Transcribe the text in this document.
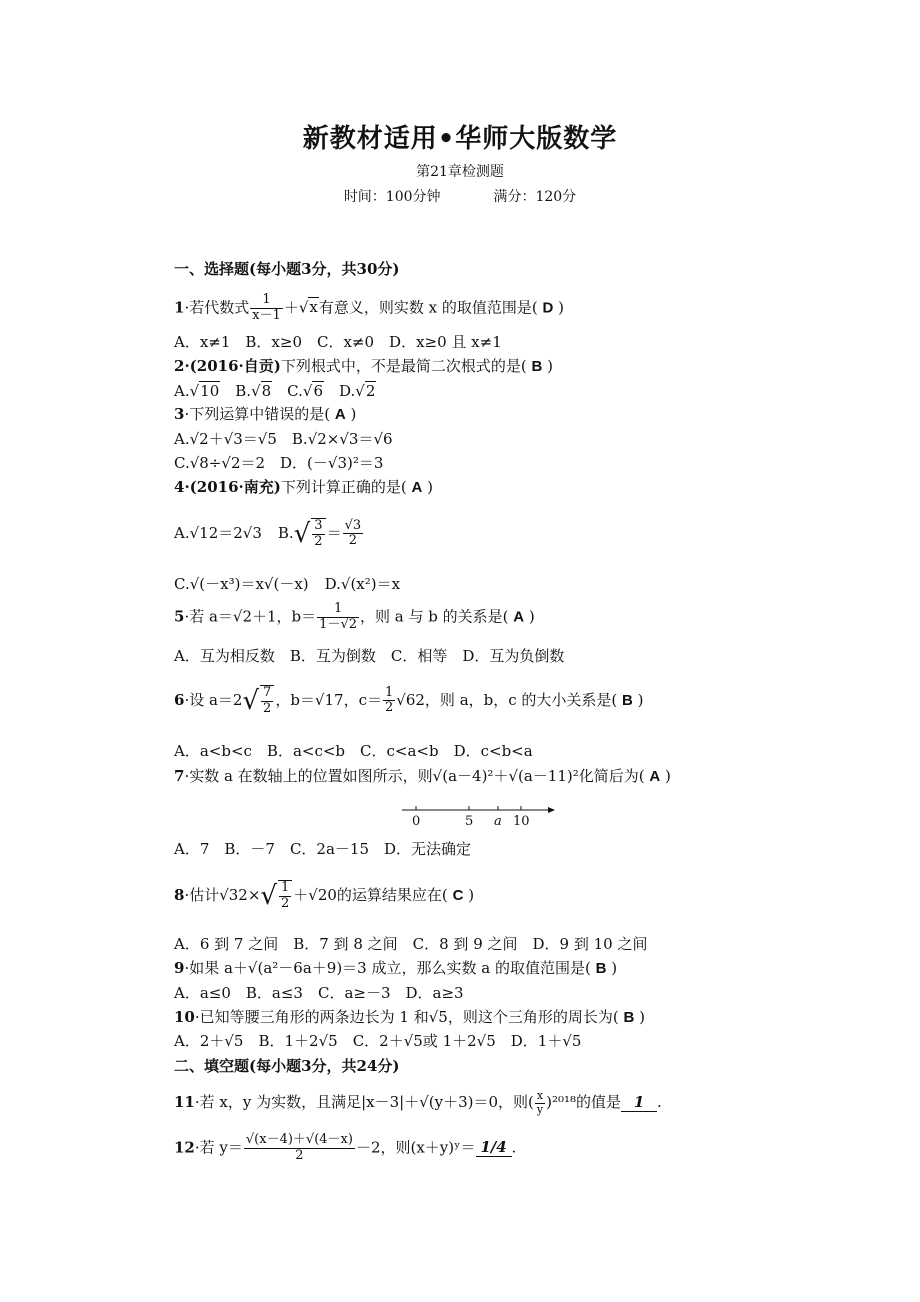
新教材适用•华师大版数学
第21章检测题
时间：100分钟	满分：120分
一、选择题(每小题3分，共30分)
1·若代数式 $\frac{1}{x-1} +√x$有意义，则实数 x 的取值范围是( D )
A．x≠1　B．x≥0　C．x≠0　D．x≥0 且 x≠1
2·(2016·自贡)下列根式中，不是最简二次根式的是( B )
A.√10　B.√8　C.√6　D.√2
3·下列运算中错误的是( A )
A.√2＋√3＝√5　B.√2×√3＝√6
C.√8÷√2＝2　D．(－√3)²＝3
4·(2016·南充)下列计算正确的是( A )
A.√12＝2√3 $B.√ \frac{3}{2} = \frac{√3}{2}$
C.√(－x³)＝x√(－x) D.√(x²)＝x
5·若 a＝√2＋1，$b= \frac{1}{1-√2}$ ，则 a 与 b 的关系是( A )
A．互为相反数　B．互为倒数　C．相等　D．互为负倒数
6·设 $a=2√ \frac{7}{2}$ ，b＝√17，$c= \frac{1}{2} √62$，则 a，b，c 的大小关系是( B )
A．a<b<c　B．a<c<b　C．c<a<b　D．c<b<a
7·实数 a 在数轴上的位置如图所示，则√(a－4)²＋√(a－11)²化简后为( A )
0	5 a 10
A．7　B．－7　C．2a－15　D．无法确定
8·估计$√32\times√ \frac{1}{2} +√20$的运算结果应在( C )
A．6 到 7 之间　B．7 到 8 之间　C．8 到 9 之间　D．9 到 10 之间
9·如果 a＋√(a²－6a＋9)＝3 成立，那么实数 a 的取值范围是( B )
A．a≤0　B．a≤3　C．a≥－3　D．a≥3
10·已知等腰三角形的两条边长为 1 和√5，则这个三角形的周长为( B )
A．2＋√5　B．1＋2√5　C．2＋√5或 1＋2√5　D．1＋√5
二、填空题(每小题3分，共24分)
11·若 x，y 为实数，且满足|x－3|＋√(y＋3)＝0，则( $\frac{x}{y} )^{2018}$的值是 1 .
12·若 $y= \frac{√(x-4)+√(4-x)}{2} -2$，则(x＋y)ʸ＝ 1/4 .
